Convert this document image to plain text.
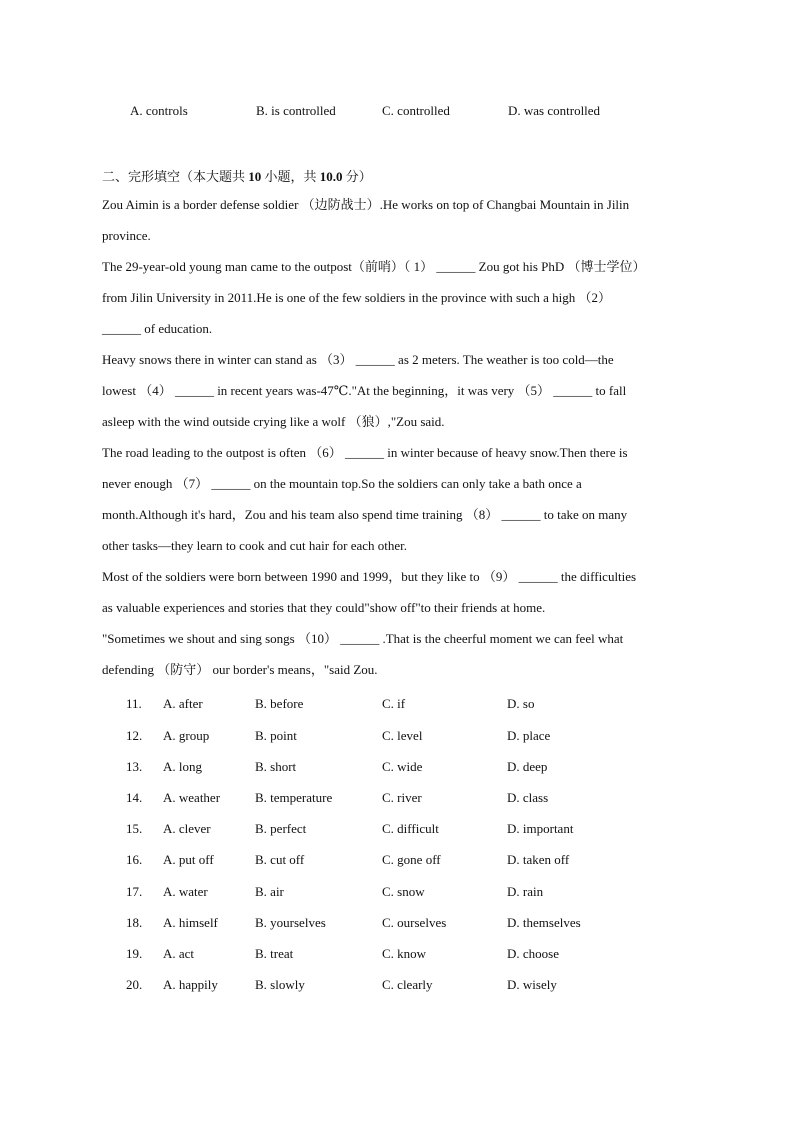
A. controls	B. is controlled	C. controlled	D. was controlled
二、完形填空（本大题共 10 小题，共 10.0 分）
Zou Aimin is a border defense soldier （边防战士）.He works on top of Changbai Mountain in Jilin
province.
The 29-year-old young man came to the outpost（前哨）（ 1） ______ Zou got his PhD （博士学位）
from Jilin University in 2011.He is one of the few soldiers in the province with such a high （2）
______ of education.
Heavy snows there in winter can stand as （3） ______ as 2 meters. The weather is too cold—the
lowest （4） ______ in recent years was-47℃."At the beginning，it was very （5） ______ to fall
asleep with the wind outside crying like a wolf （狼）,"Zou said.
The road leading to the outpost is often （6） ______ in winter because of heavy snow.Then there is
never enough （7） ______ on the mountain top.So the soldiers can only take a bath once a
month.Although it's hard，Zou and his team also spend time training （8） ______ to take on many
other tasks—they learn to cook and cut hair for each other.
Most of the soldiers were born between 1990 and 1999，but they like to （9） ______ the difficulties
as valuable experiences and stories that they could"show off"to their friends at home.
"Sometimes we shout and sing songs （10） ______ .That is the cheerful moment we can feel what
defending （防守） our border's means，"said Zou.
11. A. after	B. before	C. if	D. so
12. A. group	B. point	C. level	D. place
13. A. long	B. short	C. wide	D. deep
14. A. weather	B. temperature	C. river	D. class
15. A. clever	B. perfect	C. difficult	D. important
16. A. put off	B. cut off	C. gone off	D. taken off
17. A. water	B. air	C. snow	D. rain
18. A. himself	B. yourselves	C. ourselves	D. themselves
19. A. act	B. treat	C. know	D. choose
20. A. happily	B. slowly	C. clearly	D. wisely
